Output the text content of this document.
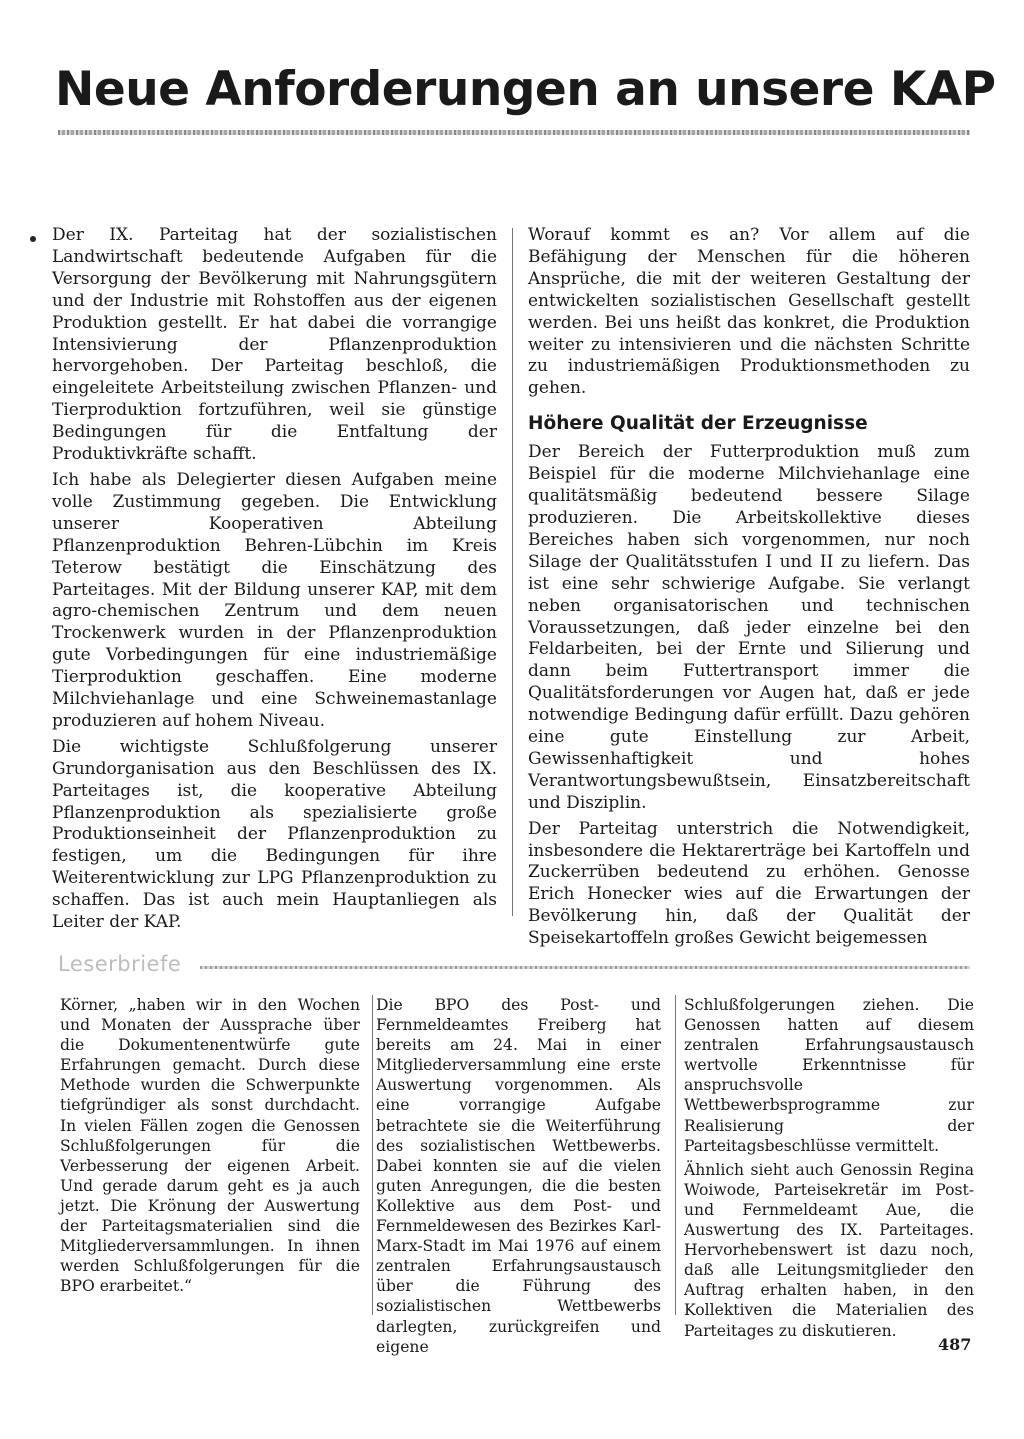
Neue Anforderungen an unsere KAP

Der IX. Parteitag hat der sozialistischen Landwirtschaft bedeutende Aufgaben für die Versorgung der Bevölkerung mit Nahrungsgütern und der Industrie mit Rohstoffen aus der eigenen Produktion gestellt. Er hat dabei die vorrangige Intensivierung der Pflanzenproduktion hervorgehoben. Der Parteitag beschloß, die eingeleitete Arbeitsteilung zwischen Pflanzen- und Tierproduktion fortzuführen, weil sie günstige Bedingungen für die Entfaltung der Produktivkräfte schafft.

Ich habe als Delegierter diesen Aufgaben meine volle Zustimmung gegeben. Die Entwicklung unserer Kooperativen Abteilung Pflanzenproduktion Behren-Lübchin im Kreis Teterow bestätigt die Einschätzung des Parteitages. Mit der Bildung unserer KAP, mit dem agro-chemischen Zentrum und dem neuen Trockenwerk wurden in der Pflanzenproduktion gute Vorbedingungen für eine industriemäßige Tierproduktion geschaffen. Eine moderne Milchviehanlage und eine Schweinemastanlage produzieren auf hohem Niveau.

Die wichtigste Schlußfolgerung unserer Grundorganisation aus den Beschlüssen des IX. Parteitages ist, die kooperative Abteilung Pflanzenproduktion als spezialisierte große Produktionseinheit der Pflanzenproduktion zu festigen, um die Bedingungen für ihre Weiterentwicklung zur LPG Pflanzenproduktion zu schaffen. Das ist auch mein Hauptanliegen als Leiter der KAP.

Worauf kommt es an? Vor allem auf die Befähigung der Menschen für die höheren Ansprüche, die mit der weiteren Gestaltung der entwickelten sozialistischen Gesellschaft gestellt werden. Bei uns heißt das konkret, die Produktion weiter zu intensivieren und die nächsten Schritte zu industriemäßigen Produktionsmethoden zu gehen.

Höhere Qualität der Erzeugnisse

Der Bereich der Futterproduktion muß zum Beispiel für die moderne Milchviehanlage eine qualitätsmäßig bedeutend bessere Silage produzieren. Die Arbeitskollektive dieses Bereiches haben sich vorgenommen, nur noch Silage der Qualitätsstufen I und II zu liefern. Das ist eine sehr schwierige Aufgabe. Sie verlangt neben organisatorischen und technischen Voraussetzungen, daß jeder einzelne bei den Feldarbeiten, bei der Ernte und Silierung und dann beim Futtertransport immer die Qualitätsforderungen vor Augen hat, daß er jede notwendige Bedingung dafür erfüllt. Dazu gehören eine gute Einstellung zur Arbeit, Gewissenhaftigkeit und hohes Verantwortungsbewußtsein, Einsatzbereitschaft und Disziplin.

Der Parteitag unterstrich die Notwendigkeit, insbesondere die Hektarerträge bei Kartoffeln und Zuckerrüben bedeutend zu erhöhen. Genosse Erich Honecker wies auf die Erwartungen der Bevölkerung hin, daß der Qualität der Speisekartoffeln großes Gewicht beigemessen

Leserbriefe

Körner, „haben wir in den Wochen und Monaten der Aussprache über die Dokumentenentwürfe gute Erfahrungen gemacht. Durch diese Methode wurden die Schwerpunkte tiefgründiger als sonst durchdacht. In vielen Fällen zogen die Genossen Schlußfolgerungen für die Verbesserung der eigenen Arbeit. Und gerade darum geht es ja auch jetzt. Die Krönung der Auswertung der Parteitagsmaterialien sind die Mitgliederversammlungen. In ihnen werden Schlußfolgerungen für die BPO erarbeitet.“

Die BPO des Post- und Fernmeldeamtes Freiberg hat bereits am 24. Mai in einer Mitgliederversammlung eine erste Auswertung vorgenommen. Als eine vorrangige Aufgabe betrachtete sie die Weiterführung des sozialistischen Wettbewerbs. Dabei konnten sie auf die vielen guten Anregungen, die die besten Kollektive aus dem Post- und Fernmeldewesen des Bezirkes Karl-Marx-Stadt im Mai 1976 auf einem zentralen Erfahrungsaustausch über die Führung des sozialistischen Wettbewerbs darlegten, zurückgreifen und eigene

Schlußfolgerungen ziehen. Die Genossen hatten auf diesem zentralen Erfahrungsaustausch wertvolle Erkenntnisse für anspruchsvolle Wettbewerbsprogramme zur Realisierung der Parteitagsbeschlüsse vermittelt.

Ähnlich sieht auch Genossin Regina Woiwode, Parteisekretär im Post- und Fernmeldeamt Aue, die Auswertung des IX. Parteitages. Hervorhebenswert ist dazu noch, daß alle Leitungsmitglieder den Auftrag erhalten haben, in den Kollektiven die Materialien des Parteitages zu diskutieren.

487
